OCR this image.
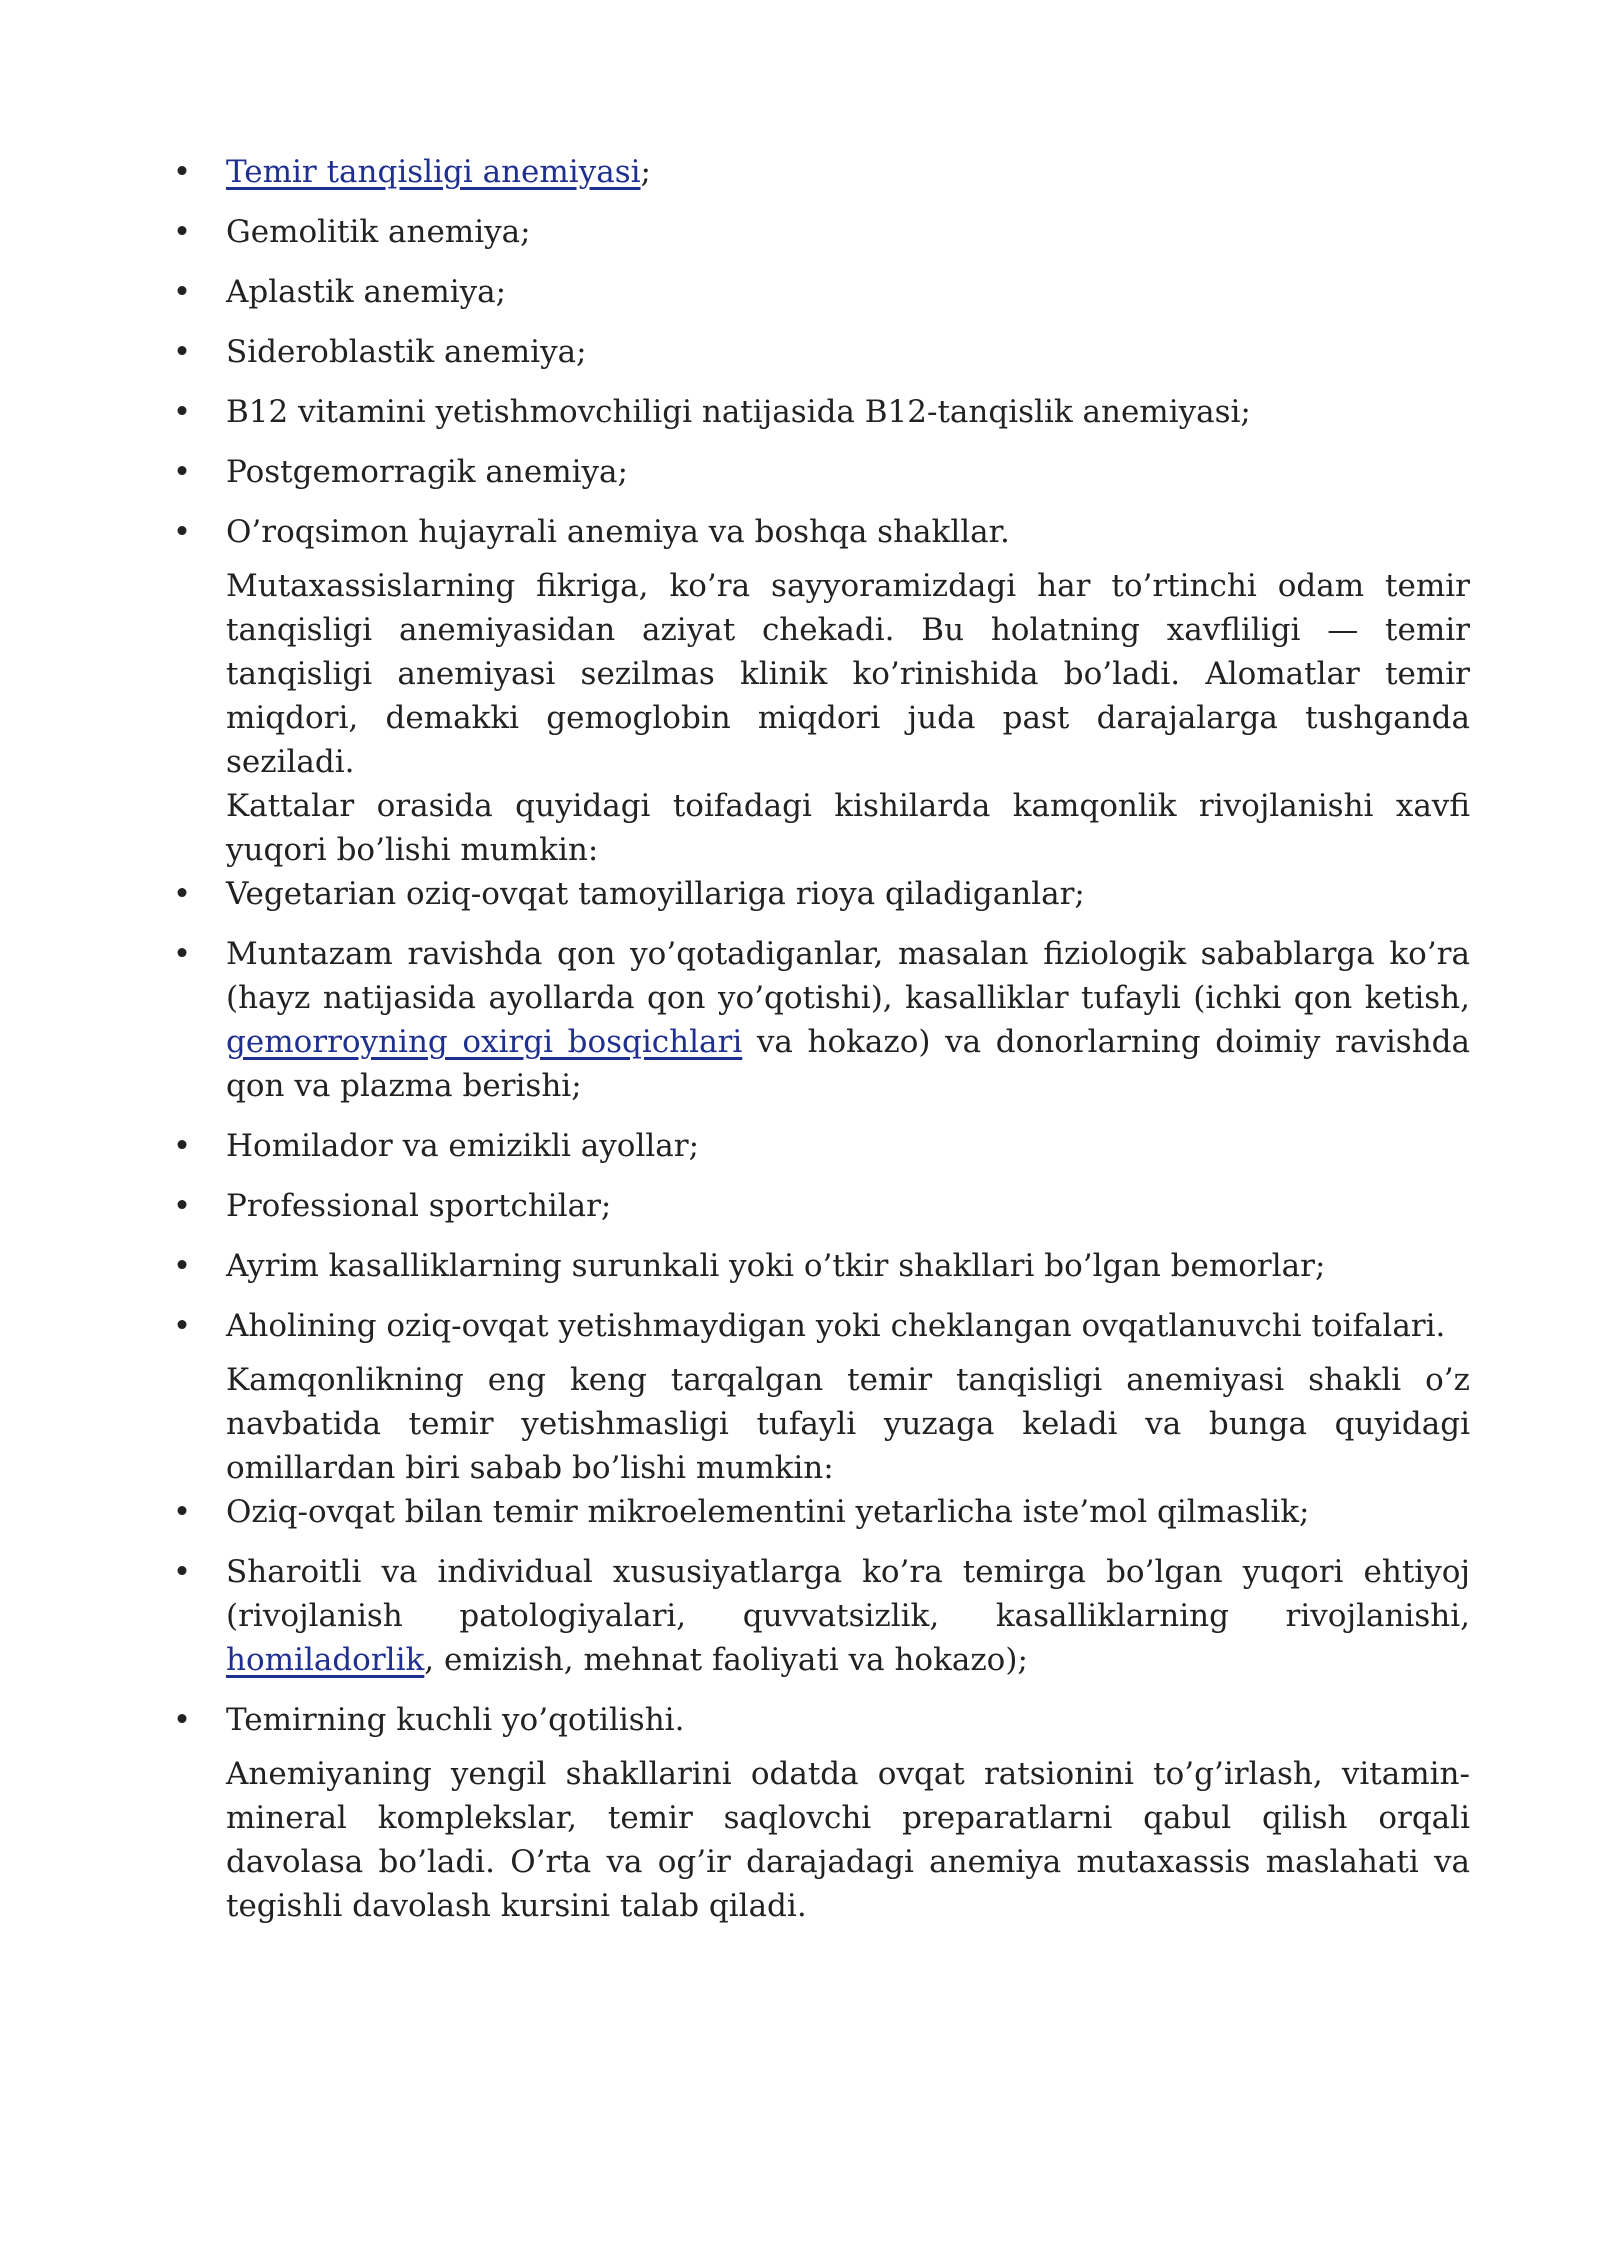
• Temir tanqisligi anemiyasi;
• Gemolitik anemiya;
• Aplastik anemiya;
• Sideroblastik anemiya;
• B12 vitamini yetishmovchiligi natijasida B12-tanqislik anemiyasi;
• Postgemorragik anemiya;
• O’roqsimon hujayrali anemiya va boshqa shakllar.

Mutaxassislarning fikriga, ko’ra sayyoramizdagi har to’rtinchi odam temir tanqisligi anemiyasidan aziyat chekadi. Bu holatning xavfliligi — temir tanqisligi anemiyasi sezilmas klinik ko’rinishida bo’ladi. Alomatlar temir miqdori, demakki gemoglobin miqdori juda past darajalarga tushganda seziladi.

Kattalar orasida quyidagi toifadagi kishilarda kamqonlik rivojlanishi xavfi yuqori bo’lishi mumkin:

• Vegetarian oziq-ovqat tamoyillariga rioya qiladiganlar;
• Muntazam ravishda qon yo’qotadiganlar, masalan fiziologik sabablarga ko’ra (hayz natijasida ayollarda qon yo’qotishi), kasalliklar tufayli (ichki qon ketish, gemorroyning oxirgi bosqichlari va hokazo) va donorlarning doimiy ravishda qon va plazma berishi;
• Homilador va emizikli ayollar;
• Professional sportchilar;
• Ayrim kasalliklarning surunkali yoki o’tkir shakllari bo’lgan bemorlar;
• Aholining oziq-ovqat yetishmaydigan yoki cheklangan ovqatlanuvchi toifalari.

Kamqonlikning eng keng tarqalgan temir tanqisligi anemiyasi shakli o’z navbatida temir yetishmasligi tufayli yuzaga keladi va bunga quyidagi omillardan biri sabab bo’lishi mumkin:

• Oziq-ovqat bilan temir mikroelementini yetarlicha iste’mol qilmaslik;
• Sharoitli va individual xususiyatlarga ko’ra temirga bo’lgan yuqori ehtiyoj (rivojlanish patologiyalari, quvvatsizlik, kasalliklarning rivojlanishi, homiladorlik, emizish, mehnat faoliyati va hokazo);
• Temirning kuchli yo’qotilishi.

Anemiyaning yengil shakllarini odatda ovqat ratsionini to’g’irlash, vitamin-mineral komplekslar, temir saqlovchi preparatlarni qabul qilish orqali davolasa bo’ladi. O’rta va og’ir darajadagi anemiya mutaxassis maslahati va tegishli davolash kursini talab qiladi.
